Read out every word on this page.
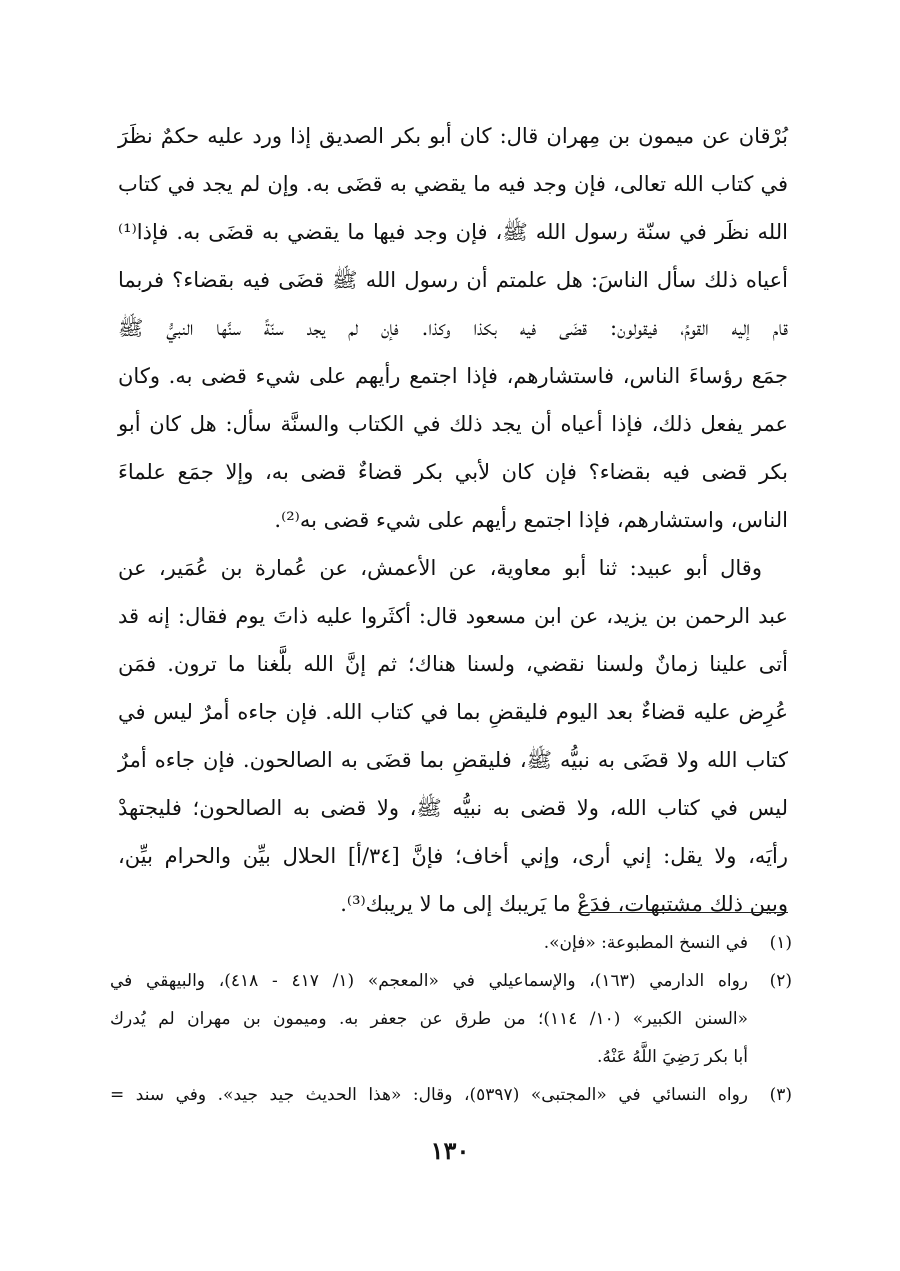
بُرْقان عن ميمون بن مِهران قال: كان أبو بكر الصديق إذا ورد عليه حكمٌ نظَرَ
في كتاب الله تعالى، فإن وجد فيه ما يقضي به قضَى به. وإن لم يجد في كتاب
الله نظَر في سنّة رسول الله ﷺ، فإن وجد فيها ما يقضي به قضَى به. فإذا⁽¹⁾
أعياه ذلك سأل الناسَ: هل علمتم أن رسول الله ﷺ قضَى فيه بقضاء؟ فربما
قام إليه القومُ، فيقولون: قضَى فيه بكذا وكذا. فإن لم يجد سنّةً سنَّها النبيُّ ﷺ
جمَع رؤساءَ الناس، فاستشارهم، فإذا اجتمع رأيهم على شيء قضى به. وكان
عمر يفعل ذلك، فإذا أعياه أن يجد ذلك في الكتاب والسنَّة سأل: هل كان أبو
بكر قضى فيه بقضاء؟ فإن كان لأبي بكر قضاءٌ قضى به، وإلا جمَع علماءَ
الناس، واستشارهم، فإذا اجتمع رأيهم على شيء قضى به⁽²⁾.
وقال أبو عبيد: ثنا أبو معاوية، عن الأعمش، عن عُمارة بن عُمَير، عن
عبد الرحمن بن يزيد، عن ابن مسعود قال: أكثَروا عليه ذاتَ يوم فقال: إنه قد
أتى علينا زمانٌ ولسنا نقضي، ولسنا هناك؛ ثم إنَّ الله بلَّغنا ما ترون. فمَن
عُرِض عليه قضاءٌ بعد اليوم فليقضِ بما في كتاب الله. فإن جاءه أمرٌ ليس في
كتاب الله ولا قضَى به نبيُّه ﷺ، فليقضِ بما قضَى به الصالحون. فإن جاءه أمرٌ
ليس في كتاب الله، ولا قضى به نبيُّه ﷺ، ولا قضى به الصالحون؛ فليجتهدْ
رأيَه، ولا يقل: إني أرى، وإني أخاف؛ فإنَّ [٣٤/أ] الحلال بيِّن والحرام بيِّن،
وبين ذلك مشتبهات، فدَعْ ما يَريبك إلى ما لا يريبك⁽³⁾.
(١)
في النسخ المطبوعة: «فإن».
(٢)
رواه الدارمي (١٦٣)، والإسماعيلي في «المعجم» (١/ ٤١٧ - ٤١٨)، والبيهقي في
«السنن الكبير» (١٠/ ١١٤)؛ من طرق عن جعفر به. وميمون بن مهران لم يُدرك
أبا بكر رَضِيَ اللَّهُ عَنْهُ.
(٣)
رواه النسائي في «المجتبى» (٥٣٩٧)، وقال: «هذا الحديث جيد جيد». وفي سند =
١٣٠
